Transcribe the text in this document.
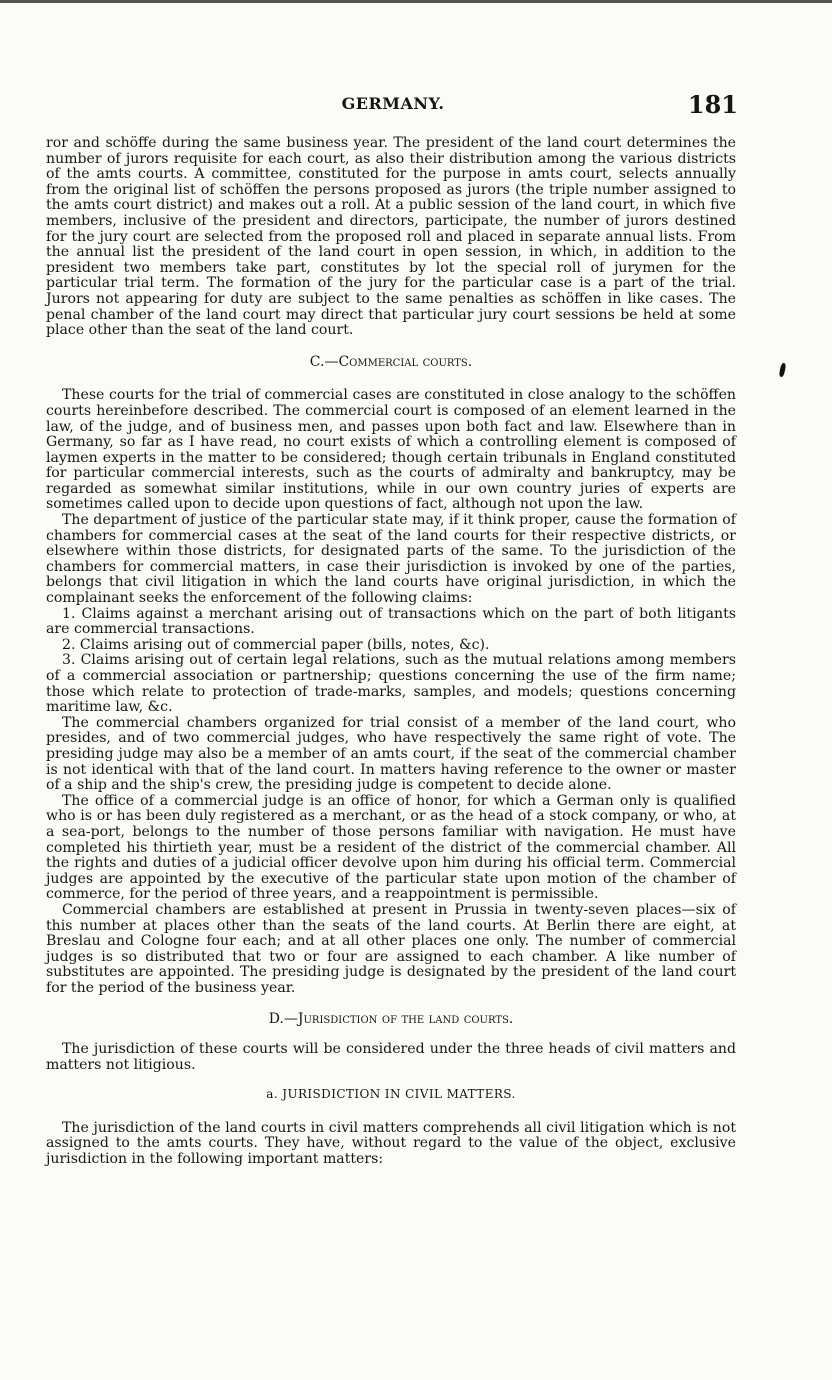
GERMANY.	181

ror and schöffe during the same business year. The president of the land court determines the number of jurors requisite for each court, as also their distribution among the various districts of the amts courts. A committee, constituted for the purpose in amts court, selects annually from the original list of schöffen the persons proposed as jurors (the triple number assigned to the amts court district) and makes out a roll. At a public session of the land court, in which five members, inclusive of the president and directors, participate, the number of jurors destined for the jury court are selected from the proposed roll and placed in separate annual lists. From the annual list the president of the land court in open session, in which, in addition to the president two members take part, constitutes by lot the special roll of jurymen for the particular trial term. The formation of the jury for the particular case is a part of the trial. Jurors not appearing for duty are subject to the same penalties as schöffen in like cases. The penal chamber of the land court may direct that particular jury court sessions be held at some place other than the seat of the land court.

C.—Commercial courts.

These courts for the trial of commercial cases are constituted in close analogy to the schöffen courts hereinbefore described. The commercial court is composed of an element learned in the law, of the judge, and of business men, and passes upon both fact and law. Elsewhere than in Germany, so far as I have read, no court exists of which a controlling element is composed of laymen experts in the matter to be considered; though certain tribunals in England constituted for particular commercial interests, such as the courts of admiralty and bankruptcy, may be regarded as somewhat similar institutions, while in our own country juries of experts are sometimes called upon to decide upon questions of fact, although not upon the law.

The department of justice of the particular state may, if it think proper, cause the formation of chambers for commercial cases at the seat of the land courts for their respective districts, or elsewhere within those districts, for designated parts of the same. To the jurisdiction of the chambers for commercial matters, in case their jurisdiction is invoked by one of the parties, belongs that civil litigation in which the land courts have original jurisdiction, in which the complainant seeks the enforcement of the following claims:

1. Claims against a merchant arising out of transactions which on the part of both litigants are commercial transactions.

2. Claims arising out of commercial paper (bills, notes, &c).

3. Claims arising out of certain legal relations, such as the mutual relations among members of a commercial association or partnership; questions concerning the use of the firm name; those which relate to protection of trade-marks, samples, and models; questions concerning maritime law, &c.

The commercial chambers organized for trial consist of a member of the land court, who presides, and of two commercial judges, who have respectively the same right of vote. The presiding judge may also be a member of an amts court, if the seat of the commercial chamber is not identical with that of the land court. In matters having reference to the owner or master of a ship and the ship's crew, the presiding judge is competent to decide alone.

The office of a commercial judge is an office of honor, for which a German only is qualified who is or has been duly registered as a merchant, or as the head of a stock company, or who, at a sea-port, belongs to the number of those persons familiar with navigation. He must have completed his thirtieth year, must be a resident of the district of the commercial chamber. All the rights and duties of a judicial officer devolve upon him during his official term. Commercial judges are appointed by the executive of the particular state upon motion of the chamber of commerce, for the period of three years, and a reappointment is permissible.

Commercial chambers are established at present in Prussia in twenty-seven places—six of this number at places other than the seats of the land courts. At Berlin there are eight, at Breslau and Cologne four each; and at all other places one only. The number of commercial judges is so distributed that two or four are assigned to each chamber. A like number of substitutes are appointed. The presiding judge is designated by the president of the land court for the period of the business year.

D.—Jurisdiction of the land courts.

The jurisdiction of these courts will be considered under the three heads of civil matters and matters not litigious.

a. JURISDICTION IN CIVIL MATTERS.

The jurisdiction of the land courts in civil matters comprehends all civil litigation which is not assigned to the amts courts. They have, without regard to the value of the object, exclusive jurisdiction in the following important matters:
